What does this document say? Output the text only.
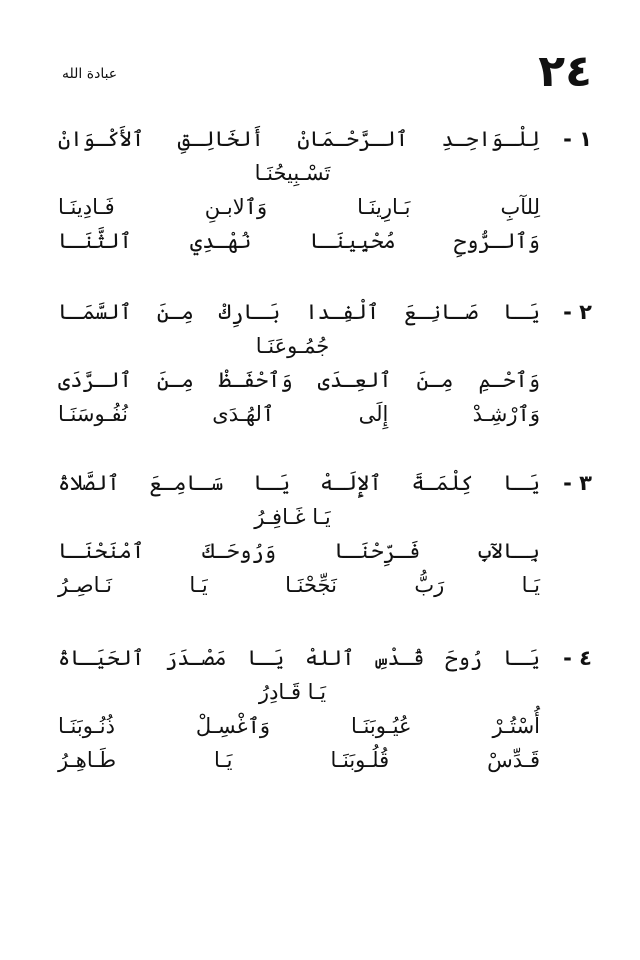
٢٤
عبادة الله
١ -
لِلْـوَاحِـدِ ٱلـرَّحْـمَانْ أَلخَالِـقِ ٱلأَكْـوَانْ
تَسْـبِيحُنَـا
لِلآبِ بَـارِينَـا وَٱلابـنِ فَـادِينَـا
وَٱلـرُّوحِ مُحْيِينَـا نُهْـدِي ٱلثَّنَـا
٢ -
يَـا صَـانِـعَ ٱلْفِـدا بَـارِكْ مِـنَ ٱلسَّمَـا
جُمُـوعَنَـا
وَٱحْـمِ مِـنَ ٱلعِـدَى وَٱحْفَـظْ مِـنَ ٱلـرَّدَى
وَٱرْشِـدْ إِلَى ٱلهُـدَى نُفُـوسَنَـا
٣ -
يَـا كِلْمَـةَ ٱلإِلَـهْ يَـا سَـامِـعَ ٱلصَّلاةْ
يَـا غَـافِـرُ
بِـالآبِ فَـرِّحْنَـا وَرُوحَـكَ ٱمْنَحْنَـا
يَـا رَبُّ نَجِّحْنَـا يَـا نَـاصِـرُ
٤ -
يَـا رُوحَ قُـدْسِ ٱللهْ يَـا مَصْـدَرَ ٱلحَيَـاةْ
يَـا قَـادِرُ
أُسْتُـرْ عُيُـوبَنَـا وَٱغْسِـلْ ذُنُـوبَنَـا
قَـدِّسْ قُلُـوبَنَـا يَـا طَـاهِـرُ
